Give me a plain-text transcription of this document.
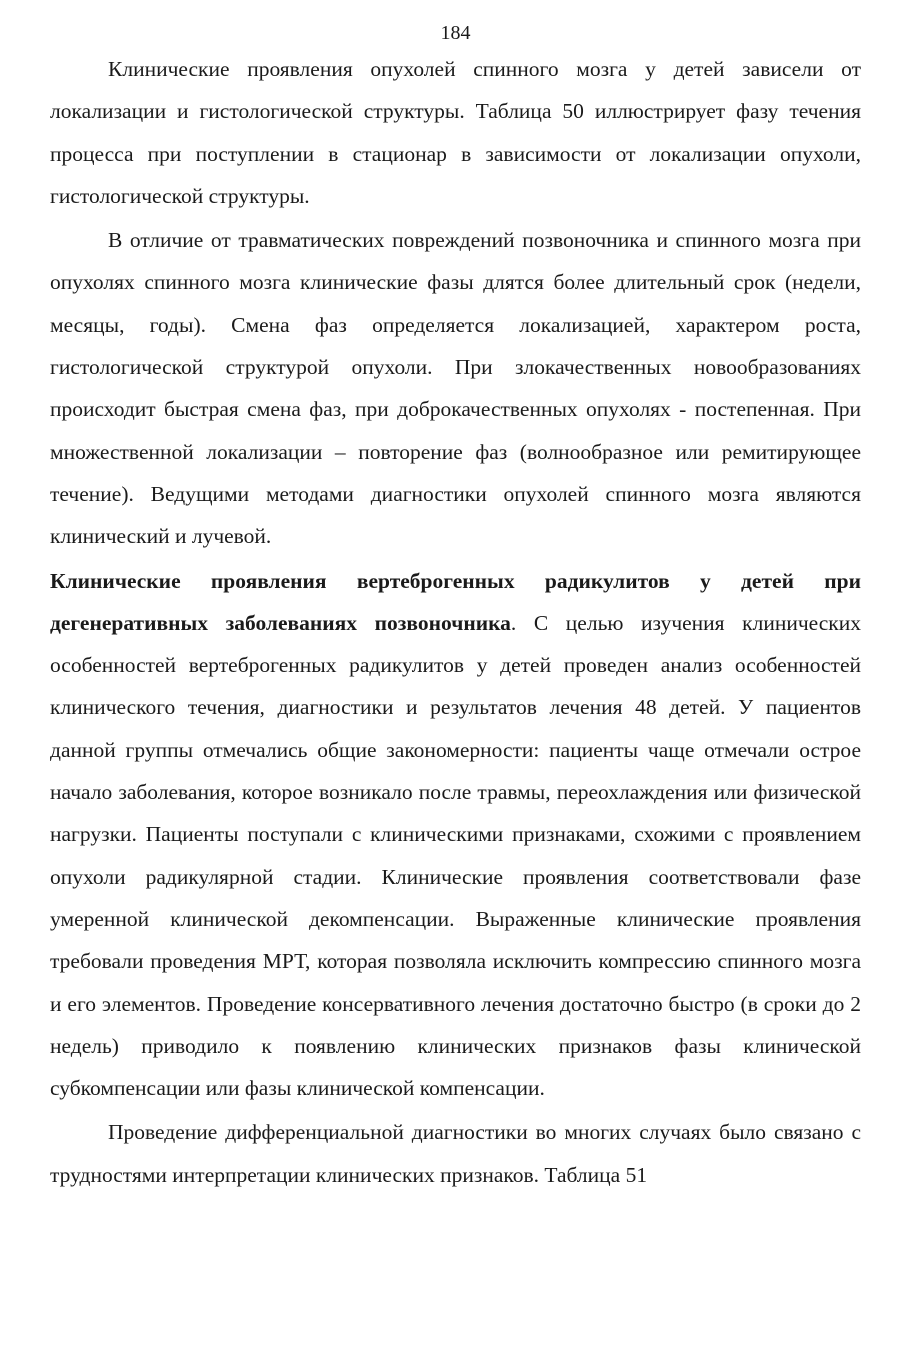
184

Клинические проявления опухолей спинного мозга у детей зависели от локализации и гистологической структуры. Таблица 50 иллюстрирует фазу течения процесса при поступлении в стационар в зависимости от локализации опухоли, гистологической структуры.

В отличие от травматических повреждений позвоночника и спинного мозга при опухолях спинного мозга клинические фазы длятся более длительный срок (недели, месяцы, годы). Смена фаз определяется локализацией, характером роста, гистологической структурой опухоли. При злокачественных новообразованиях происходит быстрая смена фаз, при доброкачественных опухолях - постепенная. При множественной локализации – повторение фаз (волнообразное или ремитирующее течение). Ведущими методами диагностики опухолей спинного мозга являются клинический и лучевой.

Клинические проявления вертеброгенных радикулитов у детей при дегенеративных заболеваниях позвоночника. С целью изучения клинических особенностей вертеброгенных радикулитов у детей проведен анализ особенностей клинического течения, диагностики и результатов лечения 48 детей. У пациентов данной группы отмечались общие закономерности: пациенты чаще отмечали острое начало заболевания, которое возникало после травмы, переохлаждения или физической нагрузки. Пациенты поступали с клиническими признаками, схожими с проявлением опухоли радикулярной стадии. Клинические проявления соответствовали фазе умеренной клинической декомпенсации. Выраженные клинические проявления требовали проведения МРТ, которая позволяла исключить компрессию спинного мозга и его элементов. Проведение консервативного лечения достаточно быстро (в сроки до 2 недель) приводило к появлению клинических признаков фазы клинической субкомпенсации или фазы клинической компенсации.

Проведение дифференциальной диагностики во многих случаях было связано с трудностями интерпретации клинических признаков. Таблица 51
